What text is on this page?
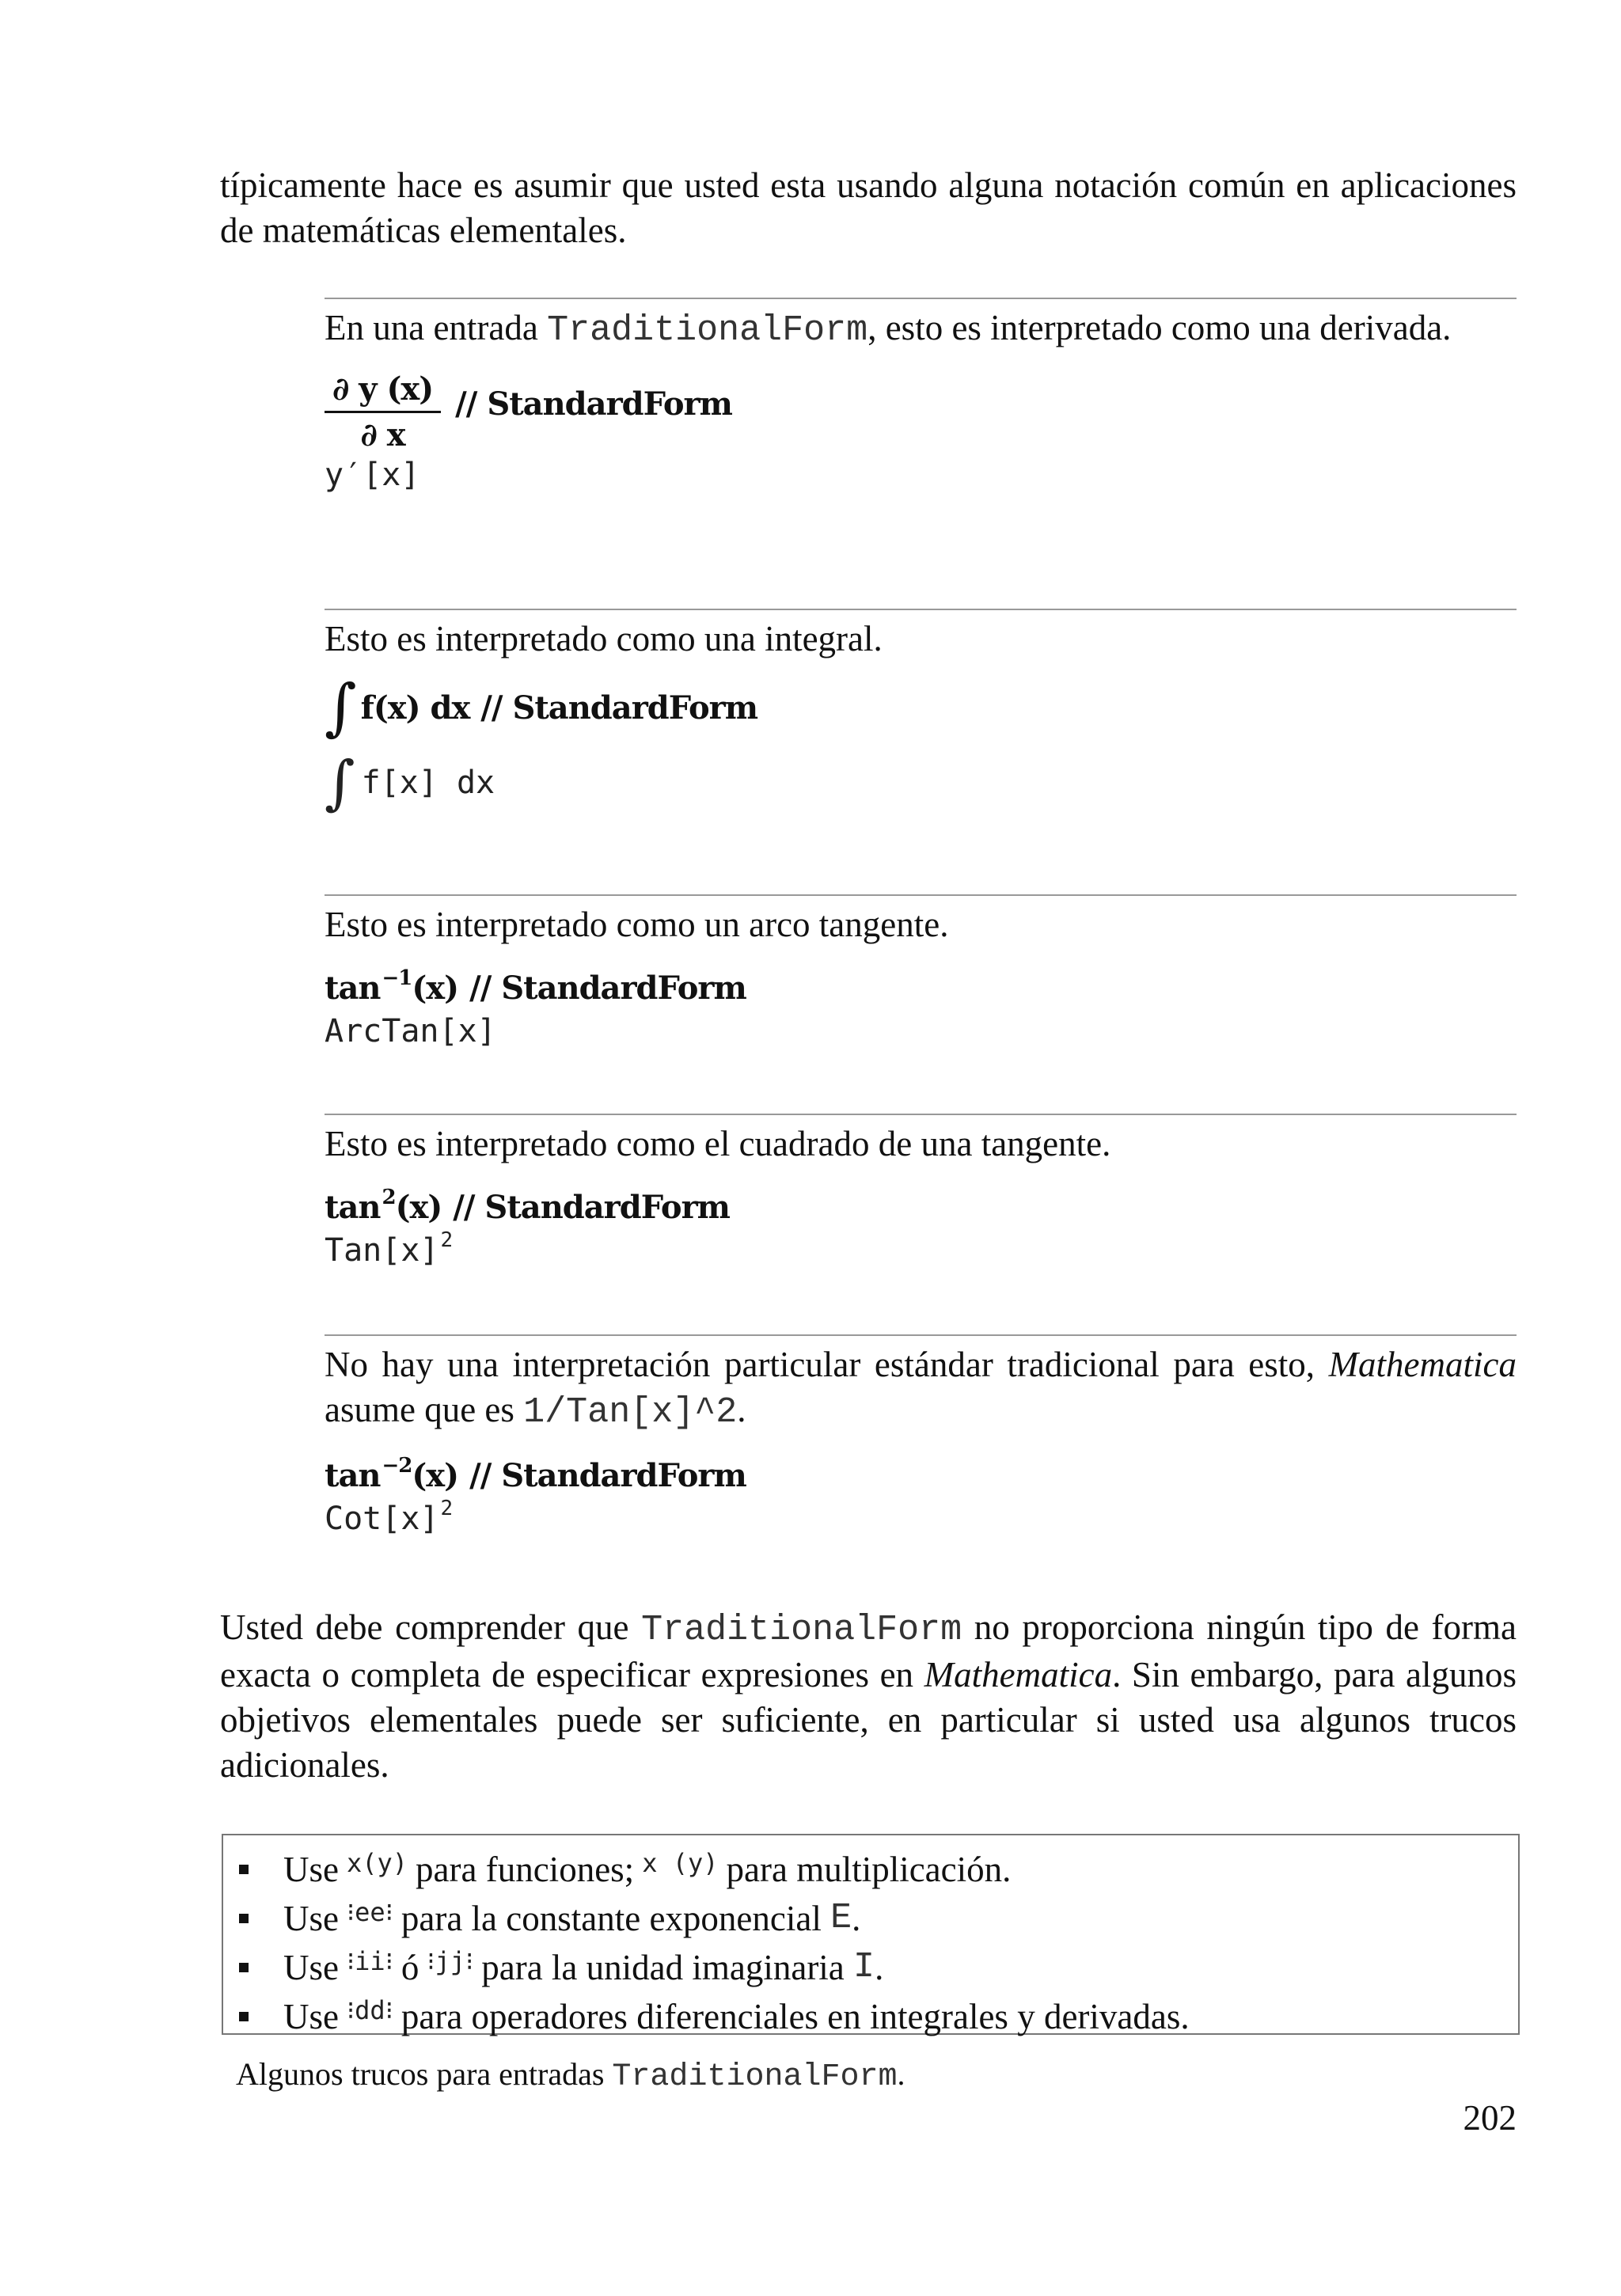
típicamente hace es asumir que usted esta usando alguna notación común en aplicaciones de matemáticas elementales.

En una entrada TraditionalForm, esto es interpretado como una derivada.

$\frac{\partial y (x)}{\partial x}$ // StandardForm
y′[x]

Esto es interpretado como una integral.

∫ f(x) dx // StandardForm
∫ f[x] dx

Esto es interpretado como un arco tangente.

tan−1(x) // StandardForm
ArcTan[x]

Esto es interpretado como el cuadrado de una tangente.

tan2(x) // StandardForm
Tan[x]2

No hay una interpretación particular estándar tradicional para esto, Mathematica asume que es 1/Tan[x]^2.

tan−2(x) // StandardForm
Cot[x]2

Usted debe comprender que TraditionalForm no proporciona ningún tipo de forma exacta o completa de especificar expresiones en Mathematica. Sin embargo, para algunos objetivos elementales puede ser suficiente, en particular si usted usa algunos trucos adicionales.

Use x(y) para funciones; x (y) para multiplicación.
Use ⁝ee⁝ para la constante exponencial
E .
Use ⁝ii⁝ ó ⁝jj⁝ para la unidad imaginaria
I .
Use ⁝dd⁝ para operadores diferenciales en integrales y derivadas.
Algunos trucos para entradas TraditionalForm.
202
